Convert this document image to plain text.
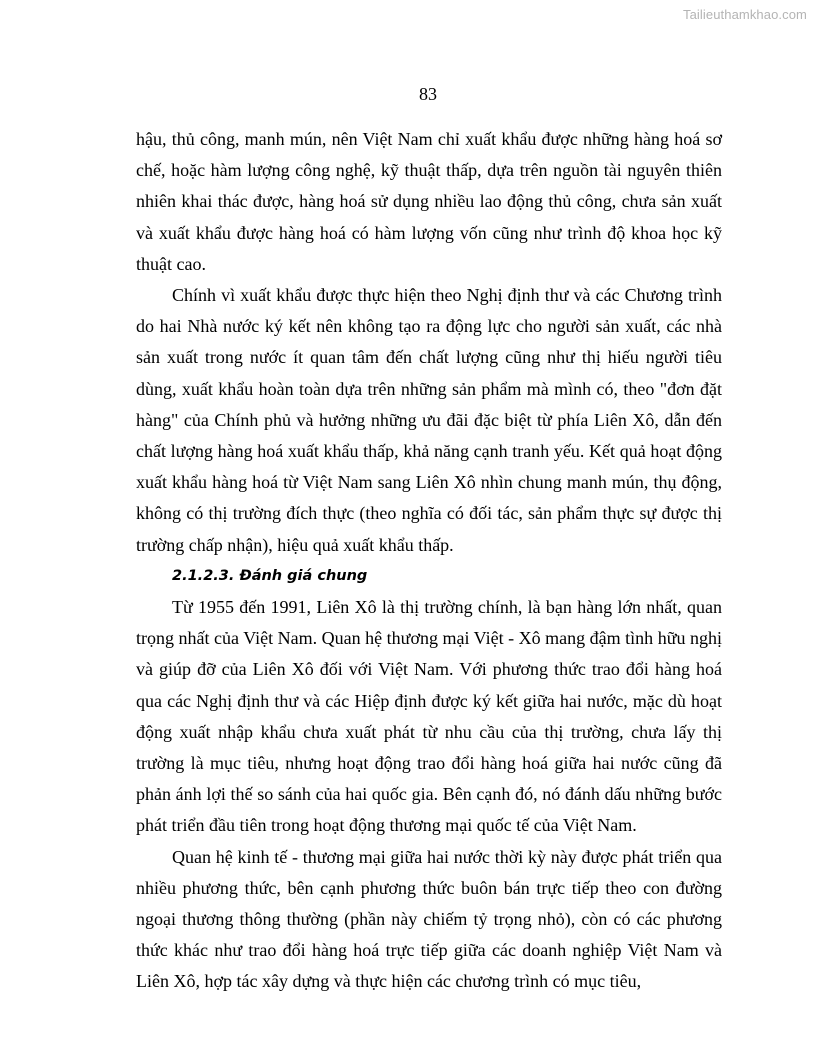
Tailieuthamkhao.com
83

hậu, thủ công, manh mún, nên Việt Nam chỉ xuất khẩu được những hàng hoá sơ chế, hoặc hàm lượng công nghệ, kỹ thuật thấp, dựa trên nguồn tài nguyên thiên nhiên khai thác được, hàng hoá sử dụng nhiều lao động thủ công, chưa sản xuất và xuất khẩu được hàng hoá có hàm lượng vốn cũng như trình độ khoa học kỹ thuật cao.

Chính vì xuất khẩu được thực hiện theo Nghị định thư và các Chương trình do hai Nhà nước ký kết nên không tạo ra động lực cho người sản xuất, các nhà sản xuất trong nước ít quan tâm đến chất lượng cũng như thị hiếu người tiêu dùng, xuất khẩu hoàn toàn dựa trên những sản phẩm mà mình có, theo "đơn đặt hàng" của Chính phủ và hưởng những ưu đãi đặc biệt từ phía Liên Xô, dẫn đến chất lượng hàng hoá xuất khẩu thấp, khả năng cạnh tranh yếu. Kết quả hoạt động xuất khẩu hàng hoá từ Việt Nam sang Liên Xô nhìn chung manh mún, thụ động, không có thị trường đích thực (theo nghĩa có đối tác, sản phẩm thực sự được thị trường chấp nhận), hiệu quả xuất khẩu thấp.

2.1.2.3. Đánh giá chung

Từ 1955 đến 1991, Liên Xô là thị trường chính, là bạn hàng lớn nhất, quan trọng nhất của Việt Nam. Quan hệ thương mại Việt - Xô mang đậm tình hữu nghị và giúp đỡ của Liên Xô đối với Việt Nam. Với phương thức trao đổi hàng hoá qua các Nghị định thư và các Hiệp định được ký kết giữa hai nước, mặc dù hoạt động xuất nhập khẩu chưa xuất phát từ nhu cầu của thị trường, chưa lấy thị trường là mục tiêu, nhưng hoạt động trao đổi hàng hoá giữa hai nước cũng đã phản ánh lợi thế so sánh của hai quốc gia. Bên cạnh đó, nó đánh dấu những bước phát triển đầu tiên trong hoạt động thương mại quốc tế của Việt Nam.

Quan hệ kinh tế - thương mại giữa hai nước thời kỳ này được phát triển qua nhiều phương thức, bên cạnh phương thức buôn bán trực tiếp theo con đường ngoại thương thông thường (phần này chiếm tỷ trọng nhỏ), còn có các phương thức khác như trao đổi hàng hoá trực tiếp giữa các doanh nghiệp Việt Nam và Liên Xô, hợp tác xây dựng và thực hiện các chương trình có mục tiêu,
